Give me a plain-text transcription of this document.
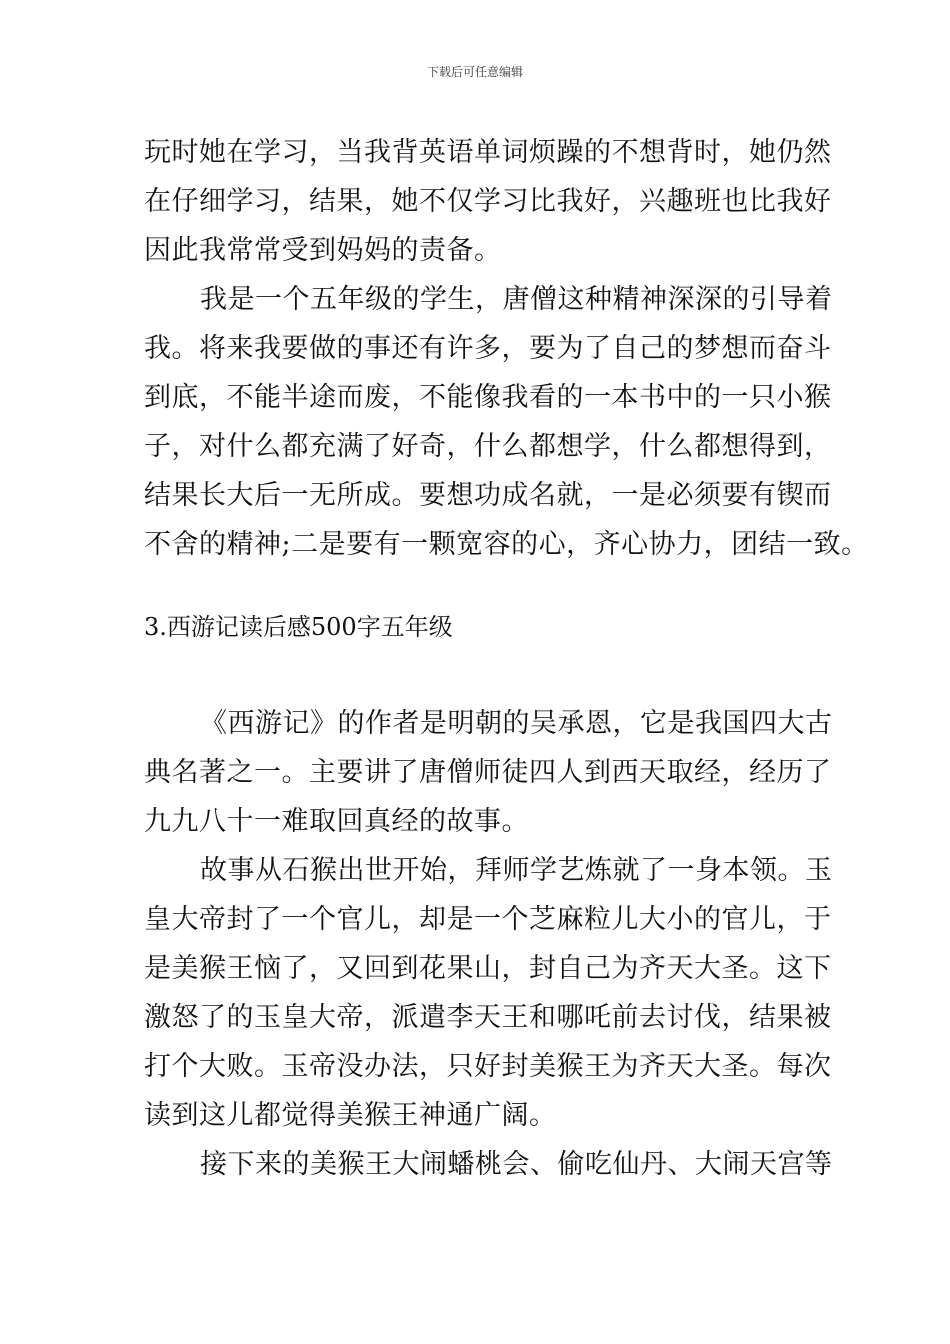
下载后可任意编辑
玩时她在学习，当我背英语单词烦躁的不想背时，她仍然
在仔细学习，结果，她不仅学习比我好，兴趣班也比我好
因此我常常受到妈妈的责备。
我是一个五年级的学生，唐僧这种精神深深的引导着
我。将来我要做的事还有许多，要为了自己的梦想而奋斗
到底，不能半途而废，不能像我看的一本书中的一只小猴
子，对什么都充满了好奇，什么都想学，什么都想得到，
结果长大后一无所成。要想功成名就，一是必须要有锲而
不舍的精神;二是要有一颗宽容的心，齐心协力，团结一致。
3.西游记读后感500字五年级
《西游记》的作者是明朝的吴承恩，它是我国四大古
典名著之一。主要讲了唐僧师徒四人到西天取经，经历了
九九八十一难取回真经的故事。
故事从石猴出世开始，拜师学艺炼就了一身本领。玉
皇大帝封了一个官儿，却是一个芝麻粒儿大小的官儿，于
是美猴王恼了，又回到花果山，封自己为齐天大圣。这下
激怒了的玉皇大帝，派遣李天王和哪吒前去讨伐，结果被
打个大败。玉帝没办法，只好封美猴王为齐天大圣。每次
读到这儿都觉得美猴王神通广阔。
接下来的美猴王大闹蟠桃会、偷吃仙丹、大闹天宫等
